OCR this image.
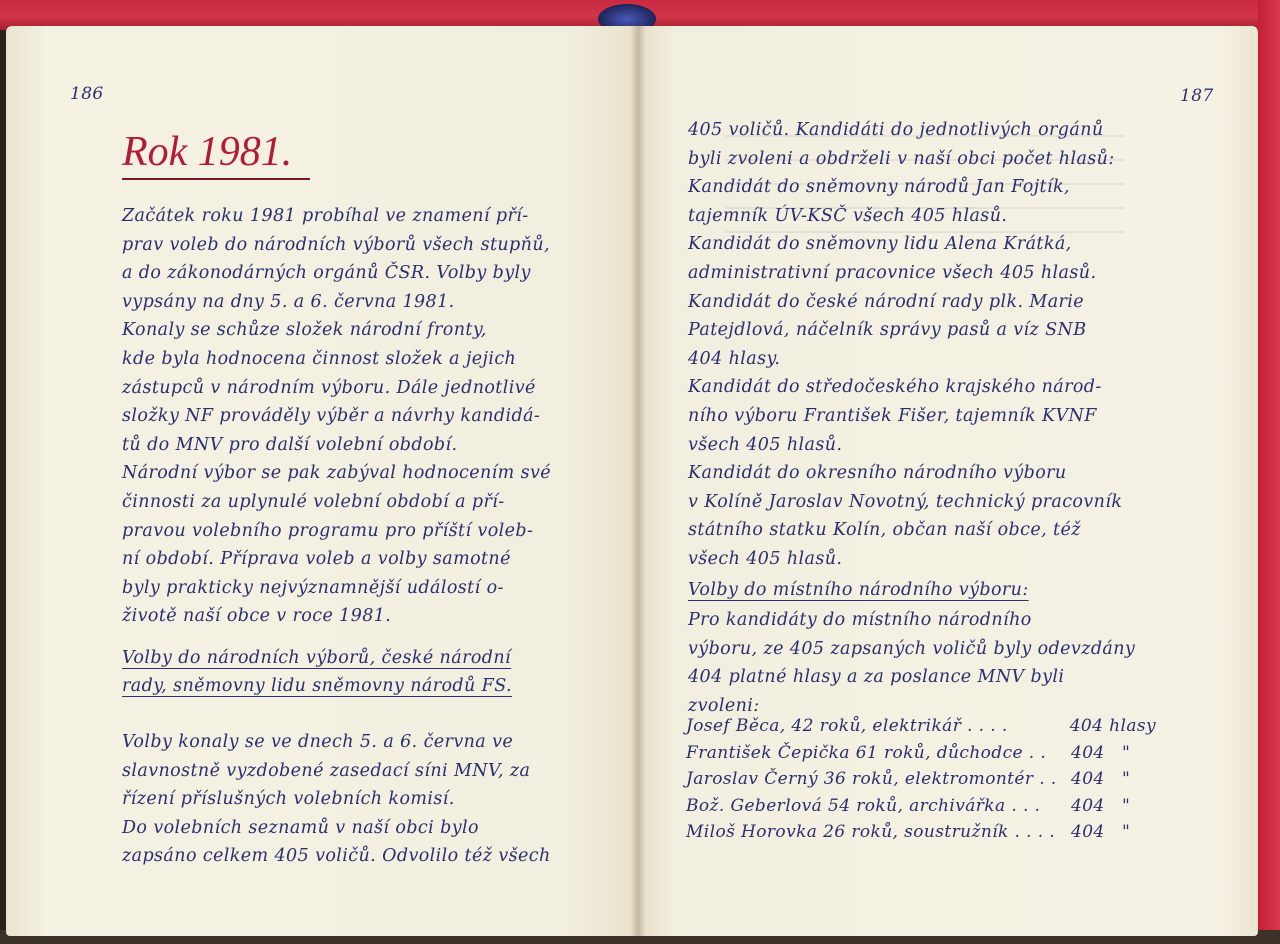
186
Rok 1981.
Začátek roku 1981 probíhal ve znamení pří-
prav voleb do národních výborů všech stupňů,
a do zákonodárných orgánů ČSR. Volby byly
vypsány na dny 5. a 6. června 1981.
Konaly se schůze složek národní fronty,
kde byla hodnocena činnost složek a jejich
zástupců v národním výboru. Dále jednotlivé
složky NF prováděly výběr a návrhy kandidá-
tů do MNV pro další volební období.
Národní výbor se pak zabýval hodnocením své
činnosti za uplynulé volební období a pří-
pravou volebního programu pro příští voleb-
ní období. Příprava voleb a volby samotné
byly prakticky nejvýznamnější událostí o-
životě naší obce v roce 1981.
Volby do národních výborů, české národní
rady, sněmovny lidu sněmovny národů FS.
Volby konaly se ve dnech 5. a 6. června ve
slavnostně vyzdobené zasedací síni MNV, za
řízení příslušných volebních komisí.
Do volebních seznamů v naší obci bylo
zapsáno celkem 405 voličů. Odvolilo též všech
187
405 voličů. Kandidáti do jednotlivých orgánů
byli zvoleni a obdrželi v naší obci počet hlasů:
Kandidát do sněmovny národů Jan Fojtík,
tajemník ÚV-KSČ všech 405 hlasů.
Kandidát do sněmovny lidu Alena Krátká,
administrativní pracovnice všech 405 hlasů.
Kandidát do české národní rady plk. Marie
Patejdlová, náčelník správy pasů a víz SNB
404 hlasy.
Kandidát do středočeského krajského národ-
ního výboru František Fišer, tajemník KVNF
všech 405 hlasů.
Kandidát do okresního národního výboru
v Kolíně Jaroslav Novotný, technický pracovník
státního statku Kolín, občan naší obce, též
všech 405 hlasů.
Volby do místního národního výboru:
Pro kandidáty do místního národního
výboru, ze 405 zapsaných voličů byly odevzdány
404 platné hlasy a za poslance MNV byli
zvoleni:
Josef Běca, 42 roků, elektrikář . . . .	404 hlasy
František Čepička 61 roků, důchodce . .	404   "
Jaroslav Černý 36 roků, elektromontér . . 404   "
Bož. Geberlová 54 roků, archivářka . . .	404   "
Miloš Horovka 26 roků, soustružník . . . . 404   "
